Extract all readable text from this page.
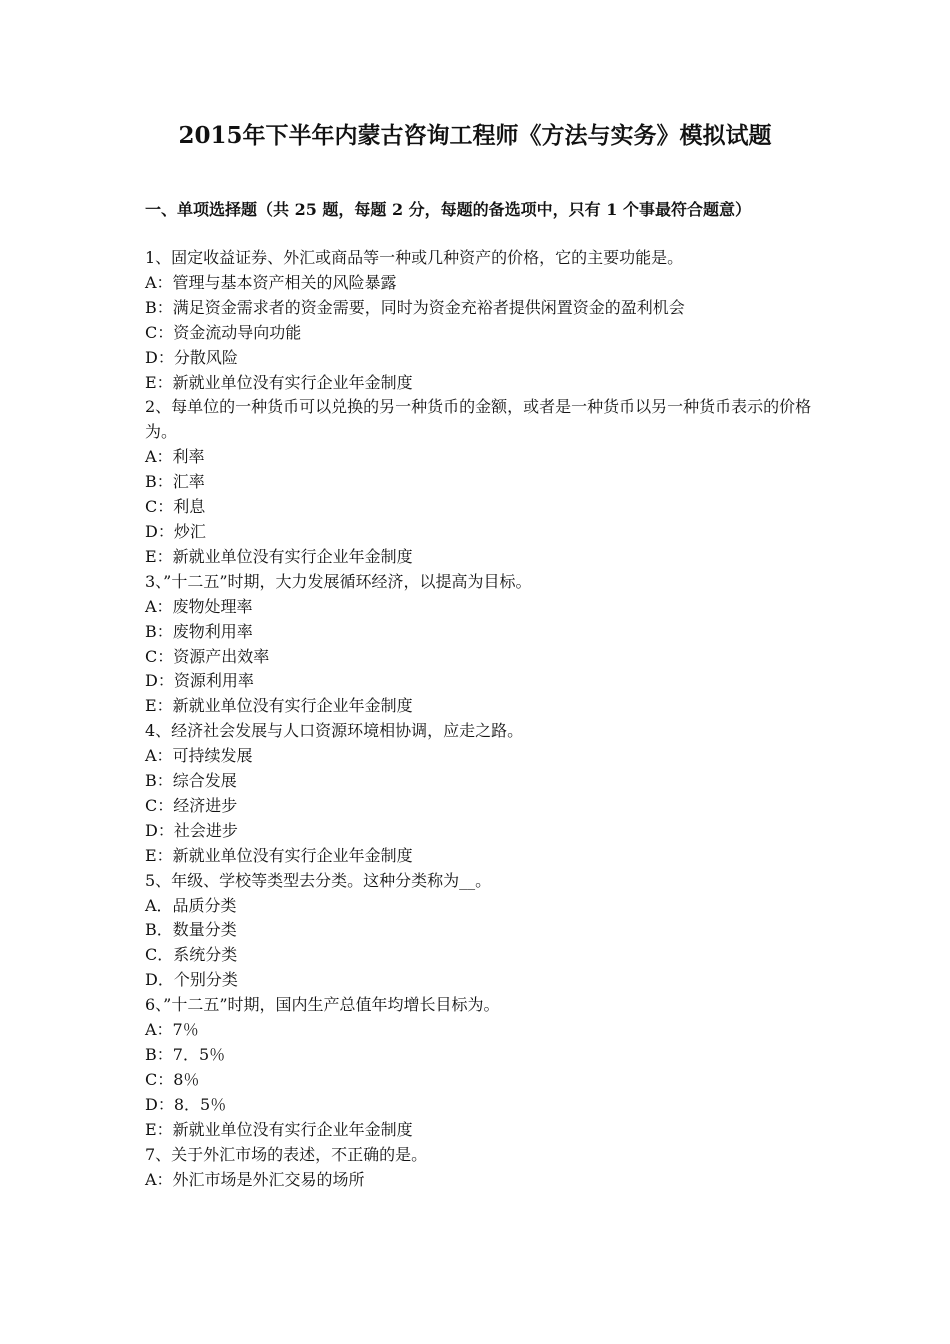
2015年下半年内蒙古咨询工程师《方法与实务》模拟试题
一、单项选择题（共 25 题，每题 2 分，每题的备选项中，只有 1 个事最符合题意）
1、固定收益证券、外汇或商品等一种或几种资产的价格，它的主要功能是。
A：管理与基本资产相关的风险暴露
B：满足资金需求者的资金需要，同时为资金充裕者提供闲置资金的盈利机会
C：资金流动导向功能
D：分散风险
E：新就业单位没有实行企业年金制度
2、每单位的一种货币可以兑换的另一种货币的金额，或者是一种货币以另一种货币表示的价格为。
A：利率
B：汇率
C：利息
D：炒汇
E：新就业单位没有实行企业年金制度
3、”十二五”时期，大力发展循环经济，以提高为目标。
A：废物处理率
B：废物利用率
C：资源产出效率
D：资源利用率
E：新就业单位没有实行企业年金制度
4、经济社会发展与人口资源环境相协调，应走之路。
A：可持续发展
B：综合发展
C：经济进步
D：社会进步
E：新就业单位没有实行企业年金制度
5、年级、学校等类型去分类。这种分类称为__。
A．品质分类
B．数量分类
C．系统分类
D．个别分类
6、”十二五”时期，国内生产总值年均增长目标为。
A：7％
B：7．5％
C：8％
D：8．5％
E：新就业单位没有实行企业年金制度
7、关于外汇市场的表述，不正确的是。
A：外汇市场是外汇交易的场所
